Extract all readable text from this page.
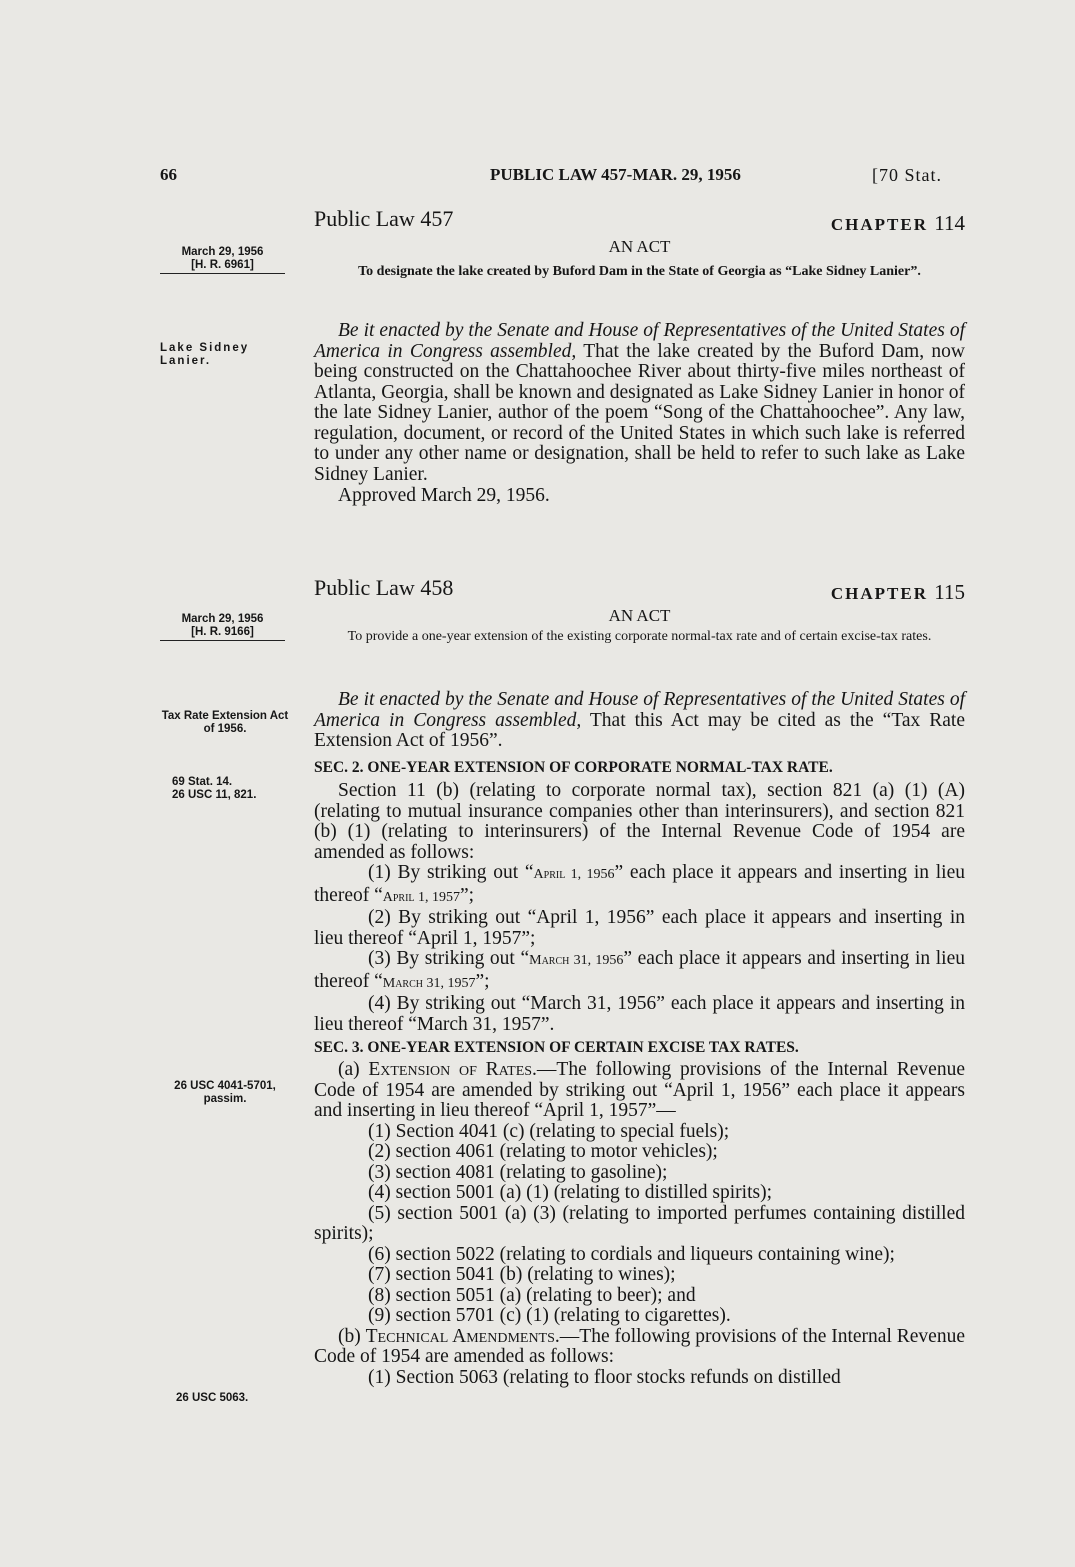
66	PUBLIC LAW 457-MAR. 29, 1956	[70 Stat.
Public Law 457	CHAPTER 114
AN ACT
March 29, 1956
[H. R. 6961]	To designate the lake created by Buford Dam in the State of Georgia as “Lake Sidney Lanier”.
Lake Sidney Lanier.

Be it enacted by the Senate and House of Representatives of the United States of America in Congress assembled, That the lake created by the Buford Dam, now being constructed on the Chattahoochee River about thirty-five miles northeast of Atlanta, Georgia, shall be known and designated as Lake Sidney Lanier in honor of the late Sidney Lanier, author of the poem “Song of the Chattahoochee”. Any law, regulation, document, or record of the United States in which such lake is referred to under any other name or designation, shall be held to refer to such lake as Lake Sidney Lanier.

Approved March 29, 1956.

Public Law 458	CHAPTER 115
AN ACT
March 29, 1956
[H. R. 9166]	To provide a one-year extension of the existing corporate normal-tax rate and of certain excise-tax rates.
Tax Rate Extension Act of 1956.

Be it enacted by the Senate and House of Representatives of the United States of America in Congress assembled, That this Act may be cited as the “Tax Rate Extension Act of 1956”.

SEC. 2. ONE-YEAR EXTENSION OF CORPORATE NORMAL-TAX RATE.
69 Stat. 14.
26 USC 11, 821.	Section 11 (b) (relating to corporate normal tax), section 821 (a) (1) (A) (relating to mutual insurance companies other than interinsurers), and section 821 (b) (1) (relating to interinsurers) of the Internal Revenue Code of 1954 are amended as follows:

(1) By striking out “April 1, 1956” each place it appears and inserting in lieu thereof “April 1, 1957”;

(2) By striking out “April 1, 1956” each place it appears and inserting in lieu thereof “April 1, 1957”;

(3) By striking out “March 31, 1956” each place it appears and inserting in lieu thereof “March 31, 1957”;

(4) By striking out “March 31, 1956” each place it appears and inserting in lieu thereof “March 31, 1957”.

SEC. 3. ONE-YEAR EXTENSION OF CERTAIN EXCISE TAX RATES.
26 USC 4041-5701, passim.

(a) Extension of Rates.—The following provisions of the Internal Revenue Code of 1954 are amended by striking out “April 1, 1956” each place it appears and inserting in lieu thereof “April 1, 1957”—

(1) Section 4041 (c) (relating to special fuels);

(2) section 4061 (relating to motor vehicles);

(3) section 4081 (relating to gasoline);

(4) section 5001 (a) (1) (relating to distilled spirits);

(5) section 5001 (a) (3) (relating to imported perfumes containing distilled spirits);

(6) section 5022 (relating to cordials and liqueurs containing wine);

(7) section 5041 (b) (relating to wines);

(8) section 5051 (a) (relating to beer); and

(9) section 5701 (c) (1) (relating to cigarettes).

(b) Technical Amendments.—The following provisions of the Internal Revenue Code of 1954 are amended as follows:

(1) Section 5063 (relating to floor stocks refunds on distilled

26 USC 5063.
